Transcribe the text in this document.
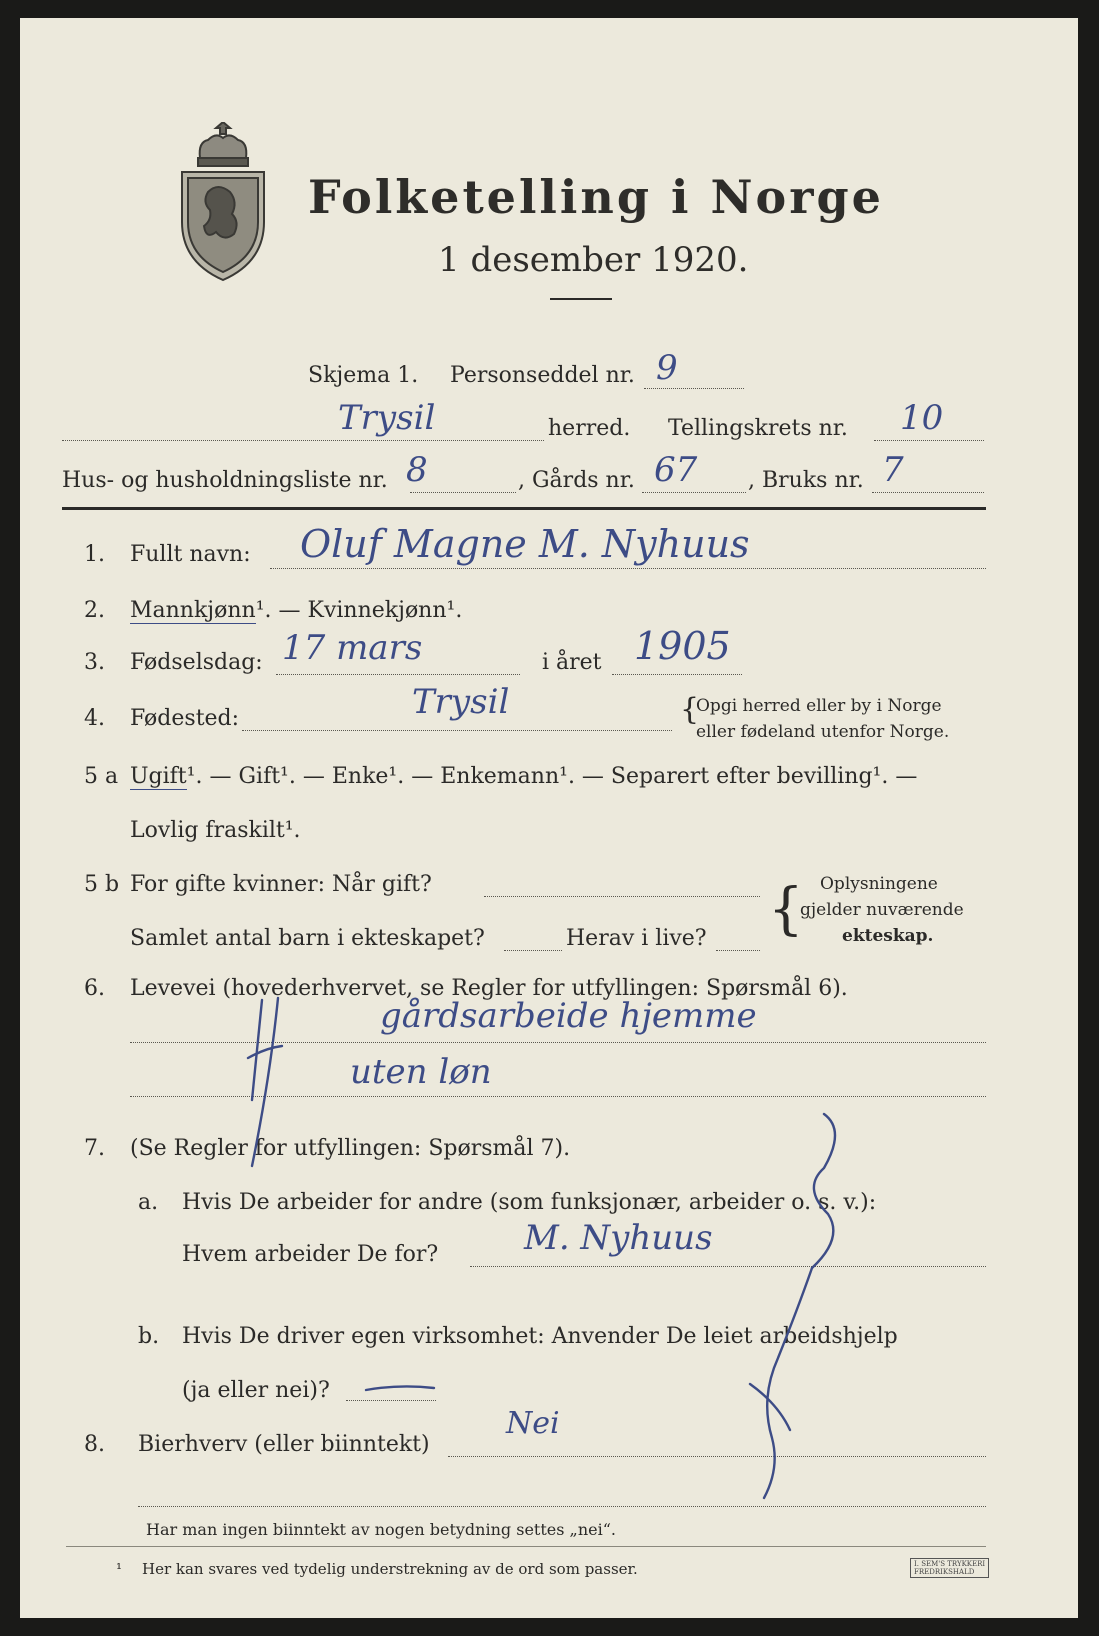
Folketelling i Norge
1 desember 1920.
Skjema 1. Personseddel nr. 9
Trysil	herred. Tellingskrets nr. 10
Hus- og husholdningsliste nr. 8	, Gårds nr. 67 , Bruks nr. 7
1. Fullt navn: Oluf Magne M. Nyhuus
2. Mannkjønn¹. — Kvinnekjønn¹.
3. Fødselsdag: 17 mars	i året 1905
4. Fødested:	Trysil	{
Opgi herred eller by i Norge
eller fødeland utenfor Norge.
5 a Ugift¹. — Gift¹. — Enke¹. — Enkemann¹. — Separert efter bevilling¹. —
Lovlig fraskilt¹.
5 b For gifte kvinner: Når gift?
Samlet antal barn i ekteskapet?	Herav i live? { Oplysningene
gjelder nuværende
ekteskap.
6. Levevei (hovederhvervet, se Regler for utfyllingen: Spørsmål 6).
gårdsarbeide hjemme
uten løn
7. (Se Regler for utfyllingen: Spørsmål 7).
a. Hvis De arbeider for andre (som funksjonær, arbeider o. s. v.):
Hvem arbeider De for?	M. Nyhuus
b. Hvis De driver egen virksomhet: Anvender De leiet arbeidshjelp
(ja eller nei)?
8. Bierhverv (eller biinntekt)
Nei
Har man ingen biinntekt av nogen betydning settes „nei“.
¹ Her kan svares ved tydelig understrekning av de ord som passer.	I. SEM'S TRYKKERI
FREDRIKSHALD
